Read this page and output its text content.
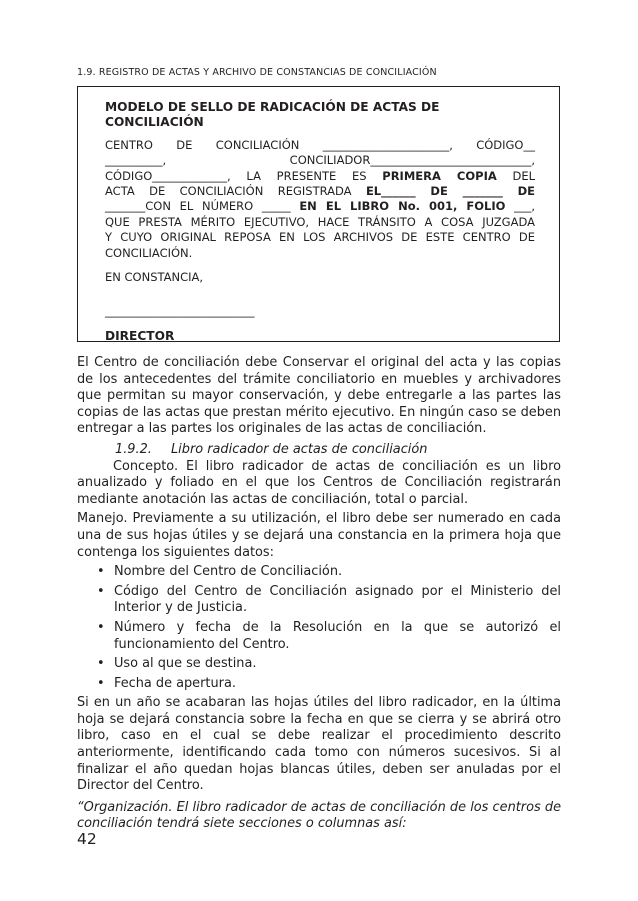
1.9. REGISTRO DE ACTAS Y ARCHIVO DE CONSTANCIAS DE CONCILIACIÓN
MODELO DE SELLO DE RADICACIÓN DE ACTAS DE CONCILIACIÓN

CENTRO DE CONCILIACIÓN ______________________, CÓDIGO__

__________, CONCILIADOR____________________________,

CÓDIGO_____________, LA PRESENTE ES PRIMERA COPIA DEL

ACTA DE CONCILIACIÓN REGISTRADA EL______ DE _______ DE

_______CON EL NÚMERO _____ EN EL LIBRO No. 001, FOLIO ___,

QUE PRESTA MÉRITO EJECUTIVO, HACE TRÁNSITO A COSA JUZGADA

Y CUYO ORIGINAL REPOSA EN LOS ARCHIVOS DE ESTE CENTRO DE CONCILIACIÓN.

EN CONSTANCIA,

__________________________

DIRECTOR

El Centro de conciliación debe Conservar el original del acta y las copias de los antecedentes del trámite conciliatorio en muebles y archivadores que permitan su mayor conservación, y debe entregarle a las partes las copias de las actas que prestan mérito ejecutivo. En ningún caso se deben entregar a las partes los originales de las actas de conciliación.

1.9.2. Libro radicador de actas de conciliación

Concepto. El libro radicador de actas de conciliación es un libro anualizado y foliado en el que los Centros de Conciliación registrarán mediante anotación las actas de conciliación, total o parcial.

Manejo. Previamente a su utilización, el libro debe ser numerado en cada una de sus hojas útiles y se dejará una constancia en la primera hoja que contenga los siguientes datos:

• Nombre del Centro de Conciliación.
• Código del Centro de Conciliación asignado por el Ministerio del Interior y de Justicia.
• Número y fecha de la Resolución en la que se autorizó el funcionamiento del Centro.
• Uso al que se destina.
• Fecha de apertura.

Si en un año se acabaran las hojas útiles del libro radicador, en la última hoja se dejará constancia sobre la fecha en que se cierra y se abrirá otro libro, caso en el cual se debe realizar el procedimiento descrito anteriormente, identificando cada tomo con números sucesivos. Si al finalizar el año quedan hojas blancas útiles, deben ser anuladas por el Director del Centro.

“Organización. El libro radicador de actas de conciliación de los centros de conciliación tendrá siete secciones o columnas así:

42
